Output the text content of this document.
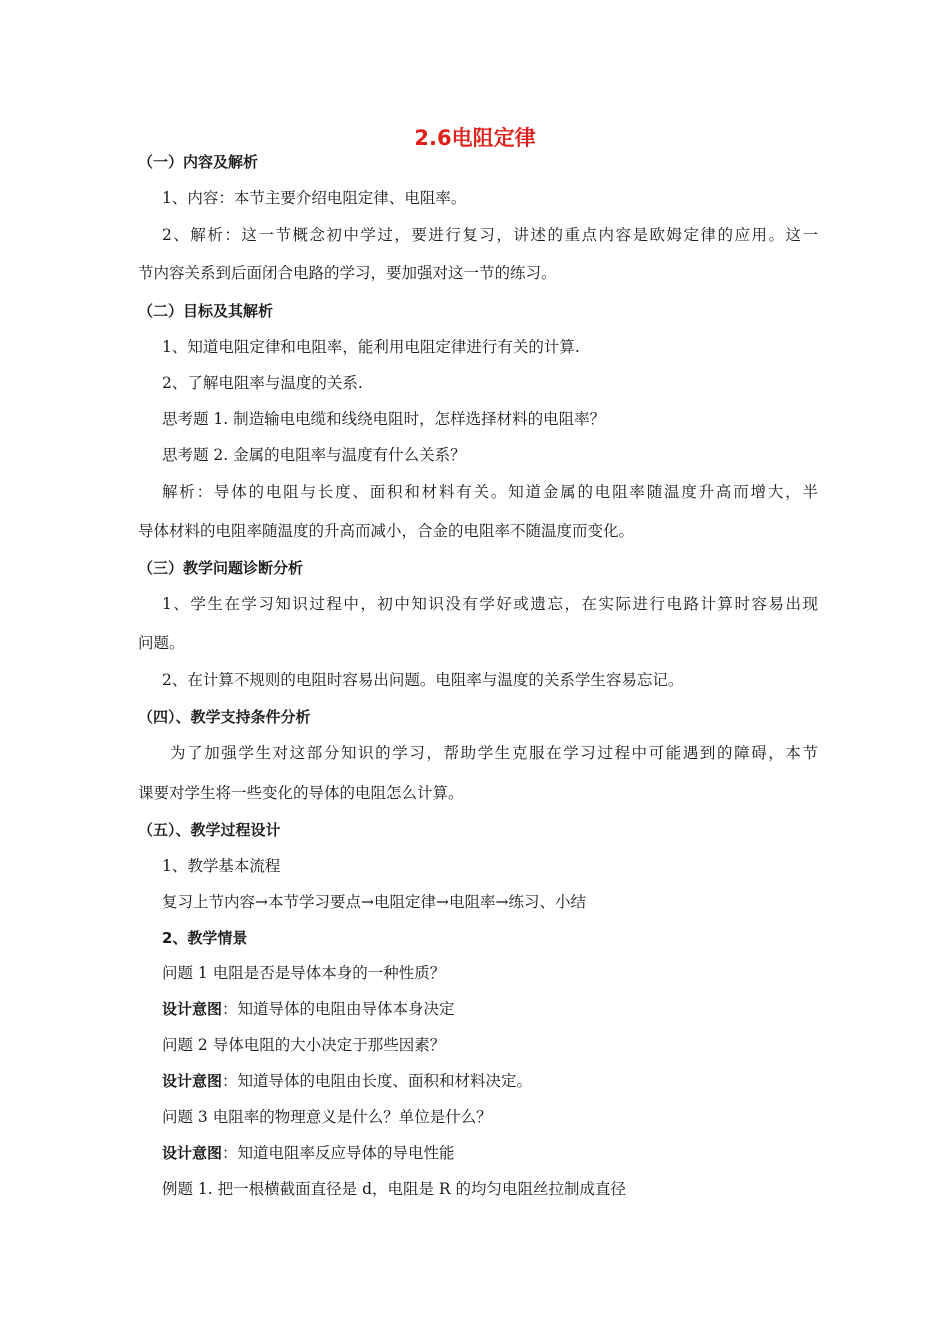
2.6电阻定律
（一）内容及解析
1、内容：本节主要介绍电阻定律、电阻率。
2、解析：这一节概念初中学过，要进行复习，讲述的重点内容是欧姆定律的应用。这一
节内容关系到后面闭合电路的学习，要加强对这一节的练习。
（二）目标及其解析
1、知道电阻定律和电阻率，能利用电阻定律进行有关的计算.
2、了解电阻率与温度的关系.
思考题 1. 制造输电电缆和线绕电阻时，怎样选择材料的电阻率？
思考题 2. 金属的电阻率与温度有什么关系？
解析：导体的电阻与长度、面积和材料有关。知道金属的电阻率随温度升高而增大，半
导体材料的电阻率随温度的升高而减小，合金的电阻率不随温度而变化。
（三）教学问题诊断分析
1、学生在学习知识过程中，初中知识没有学好或遗忘，在实际进行电路计算时容易出现
问题。
2、在计算不规则的电阻时容易出问题。电阻率与温度的关系学生容易忘记。
（四）、教学支持条件分析
为了加强学生对这部分知识的学习，帮助学生克服在学习过程中可能遇到的障碍，本节
课要对学生将一些变化的导体的电阻怎么计算。
（五）、教学过程设计
1、教学基本流程
复习上节内容→本节学习要点→电阻定律→电阻率→练习、小结
2、教学情景
问题 1 电阻是否是导体本身的一种性质？
设计意图：知道导体的电阻由导体本身决定
问题 2 导体电阻的大小决定于那些因素？
设计意图：知道导体的电阻由长度、面积和材料决定。
问题 3 电阻率的物理意义是什么？单位是什么？
设计意图：知道电阻率反应导体的导电性能
例题 1. 把一根横截面直径是 d，电阻是 R 的均匀电阻丝拉制成直径
